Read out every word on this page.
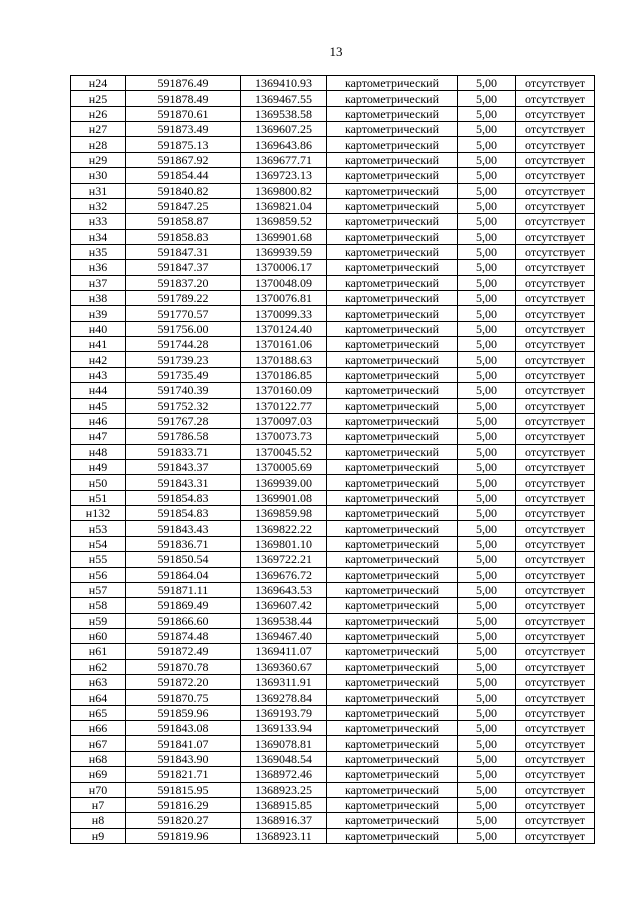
13
н24	591876.49	1369410.93	картометрический	5,00	отсутствует
н25	591878.49	1369467.55	картометрический	5,00	отсутствует
н26	591870.61	1369538.58	картометрический	5,00	отсутствует
н27	591873.49	1369607.25	картометрический	5,00	отсутствует
н28	591875.13	1369643.86	картометрический	5,00	отсутствует
н29	591867.92	1369677.71	картометрический	5,00	отсутствует
н30	591854.44	1369723.13	картометрический	5,00	отсутствует
н31	591840.82	1369800.82	картометрический	5,00	отсутствует
н32	591847.25	1369821.04	картометрический	5,00	отсутствует
н33	591858.87	1369859.52	картометрический	5,00	отсутствует
н34	591858.83	1369901.68	картометрический	5,00	отсутствует
н35	591847.31	1369939.59	картометрический	5,00	отсутствует
н36	591847.37	1370006.17	картометрический	5,00	отсутствует
н37	591837.20	1370048.09	картометрический	5,00	отсутствует
н38	591789.22	1370076.81	картометрический	5,00	отсутствует
н39	591770.57	1370099.33	картометрический	5,00	отсутствует
н40	591756.00	1370124.40	картометрический	5,00	отсутствует
н41	591744.28	1370161.06	картометрический	5,00	отсутствует
н42	591739.23	1370188.63	картометрический	5,00	отсутствует
н43	591735.49	1370186.85	картометрический	5,00	отсутствует
н44	591740.39	1370160.09	картометрический	5,00	отсутствует
н45	591752.32	1370122.77	картометрический	5,00	отсутствует
н46	591767.28	1370097.03	картометрический	5,00	отсутствует
н47	591786.58	1370073.73	картометрический	5,00	отсутствует
н48	591833.71	1370045.52	картометрический	5,00	отсутствует
н49	591843.37	1370005.69	картометрический	5,00	отсутствует
н50	591843.31	1369939.00	картометрический	5,00	отсутствует
н51	591854.83	1369901.08	картометрический	5,00	отсутствует
н132	591854.83	1369859.98	картометрический	5,00	отсутствует
н53	591843.43	1369822.22	картометрический	5,00	отсутствует
н54	591836.71	1369801.10	картометрический	5,00	отсутствует
н55	591850.54	1369722.21	картометрический	5,00	отсутствует
н56	591864.04	1369676.72	картометрический	5,00	отсутствует
н57	591871.11	1369643.53	картометрический	5,00	отсутствует
н58	591869.49	1369607.42	картометрический	5,00	отсутствует
н59	591866.60	1369538.44	картометрический	5,00	отсутствует
н60	591874.48	1369467.40	картометрический	5,00	отсутствует
н61	591872.49	1369411.07	картометрический	5,00	отсутствует
н62	591870.78	1369360.67	картометрический	5,00	отсутствует
н63	591872.20	1369311.91	картометрический	5,00	отсутствует
н64	591870.75	1369278.84	картометрический	5,00	отсутствует
н65	591859.96	1369193.79	картометрический	5,00	отсутствует
н66	591843.08	1369133.94	картометрический	5,00	отсутствует
н67	591841.07	1369078.81	картометрический	5,00	отсутствует
н68	591843.90	1369048.54	картометрический	5,00	отсутствует
н69	591821.71	1368972.46	картометрический	5,00	отсутствует
н70	591815.95	1368923.25	картометрический	5,00	отсутствует
н7	591816.29	1368915.85	картометрический	5,00	отсутствует
н8	591820.27	1368916.37	картометрический	5,00	отсутствует
н9	591819.96	1368923.11	картометрический	5,00	отсутствует
